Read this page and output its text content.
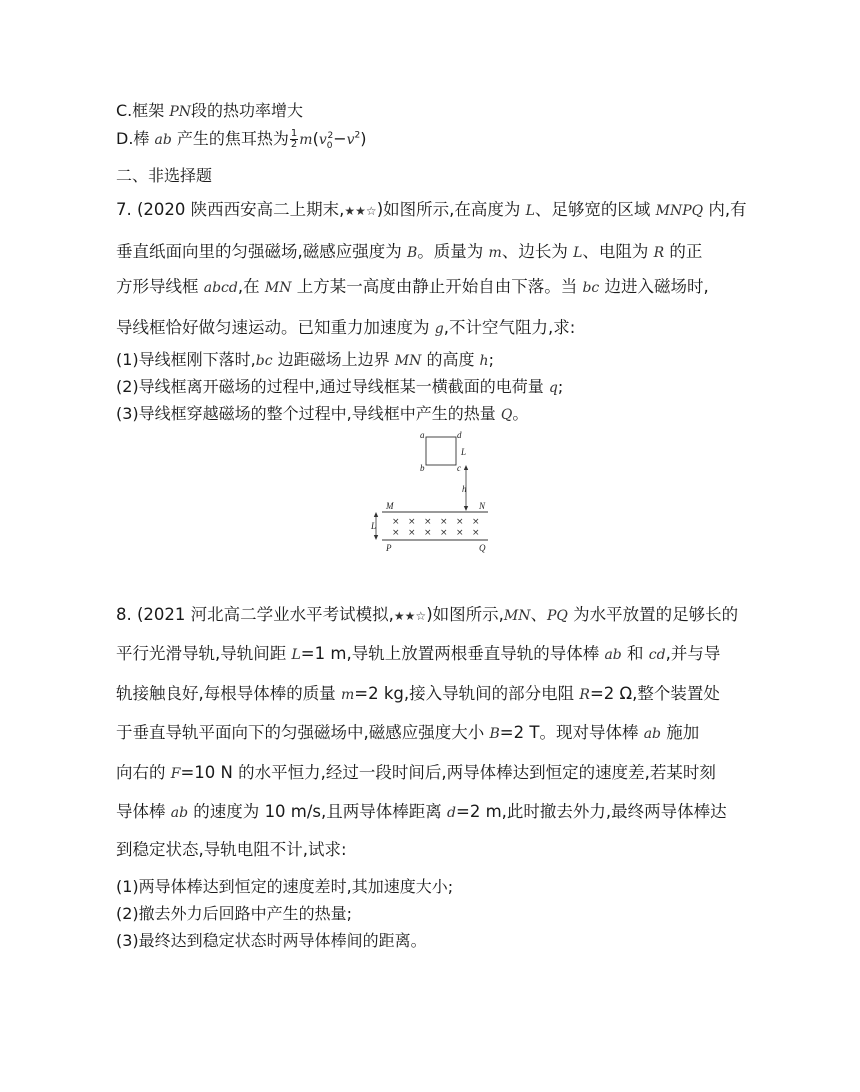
C.框架 PN段的热功率增大
D.棒 ab 产生的焦耳热为 $\frac{1}{2} m(v_0^2-v^2)$
二、非选择题
7. (2020 陕西西安高二上期末,★★☆)如图所示,在高度为 L、足够宽的区域 MNPQ 内,有
垂直纸面向里的匀强磁场,磁感应强度为 B。质量为 m、边长为 L、电阻为 R 的正
方形导线框 abcd,在 MN 上方某一高度由静止开始自由下落。当 bc 边进入磁场时,
导线框恰好做匀速运动。已知重力加速度为 g,不计空气阻力,求:
(1)导线框刚下落时,bc 边距磁场上边界 MN 的高度 h;
(2)导线框离开磁场的过程中,通过导线框某一横截面的电荷量 q;
(3)导线框穿越磁场的整个过程中,导线框中产生的热量 Q。
a	d
b	c
L
h
M	N
P	Q
L × × × × × ×
× × × × × ×
8. (2021 河北高二学业水平考试模拟,★★☆)如图所示,MN、PQ 为水平放置的足够长的
平行光滑导轨,导轨间距 L=1 m,导轨上放置两根垂直导轨的导体棒 ab 和 cd,并与导
轨接触良好,每根导体棒的质量 m=2 kg,接入导轨间的部分电阻 R=2 Ω,整个装置处
于垂直导轨平面向下的匀强磁场中,磁感应强度大小 B=2 T。现对导体棒 ab 施加
向右的 F=10 N 的水平恒力,经过一段时间后,两导体棒达到恒定的速度差,若某时刻
导体棒 ab 的速度为 10 m/s,且两导体棒距离 d=2 m,此时撤去外力,最终两导体棒达
到稳定状态,导轨电阻不计,试求:
(1)两导体棒达到恒定的速度差时,其加速度大小;
(2)撤去外力后回路中产生的热量;
(3)最终达到稳定状态时两导体棒间的距离。
